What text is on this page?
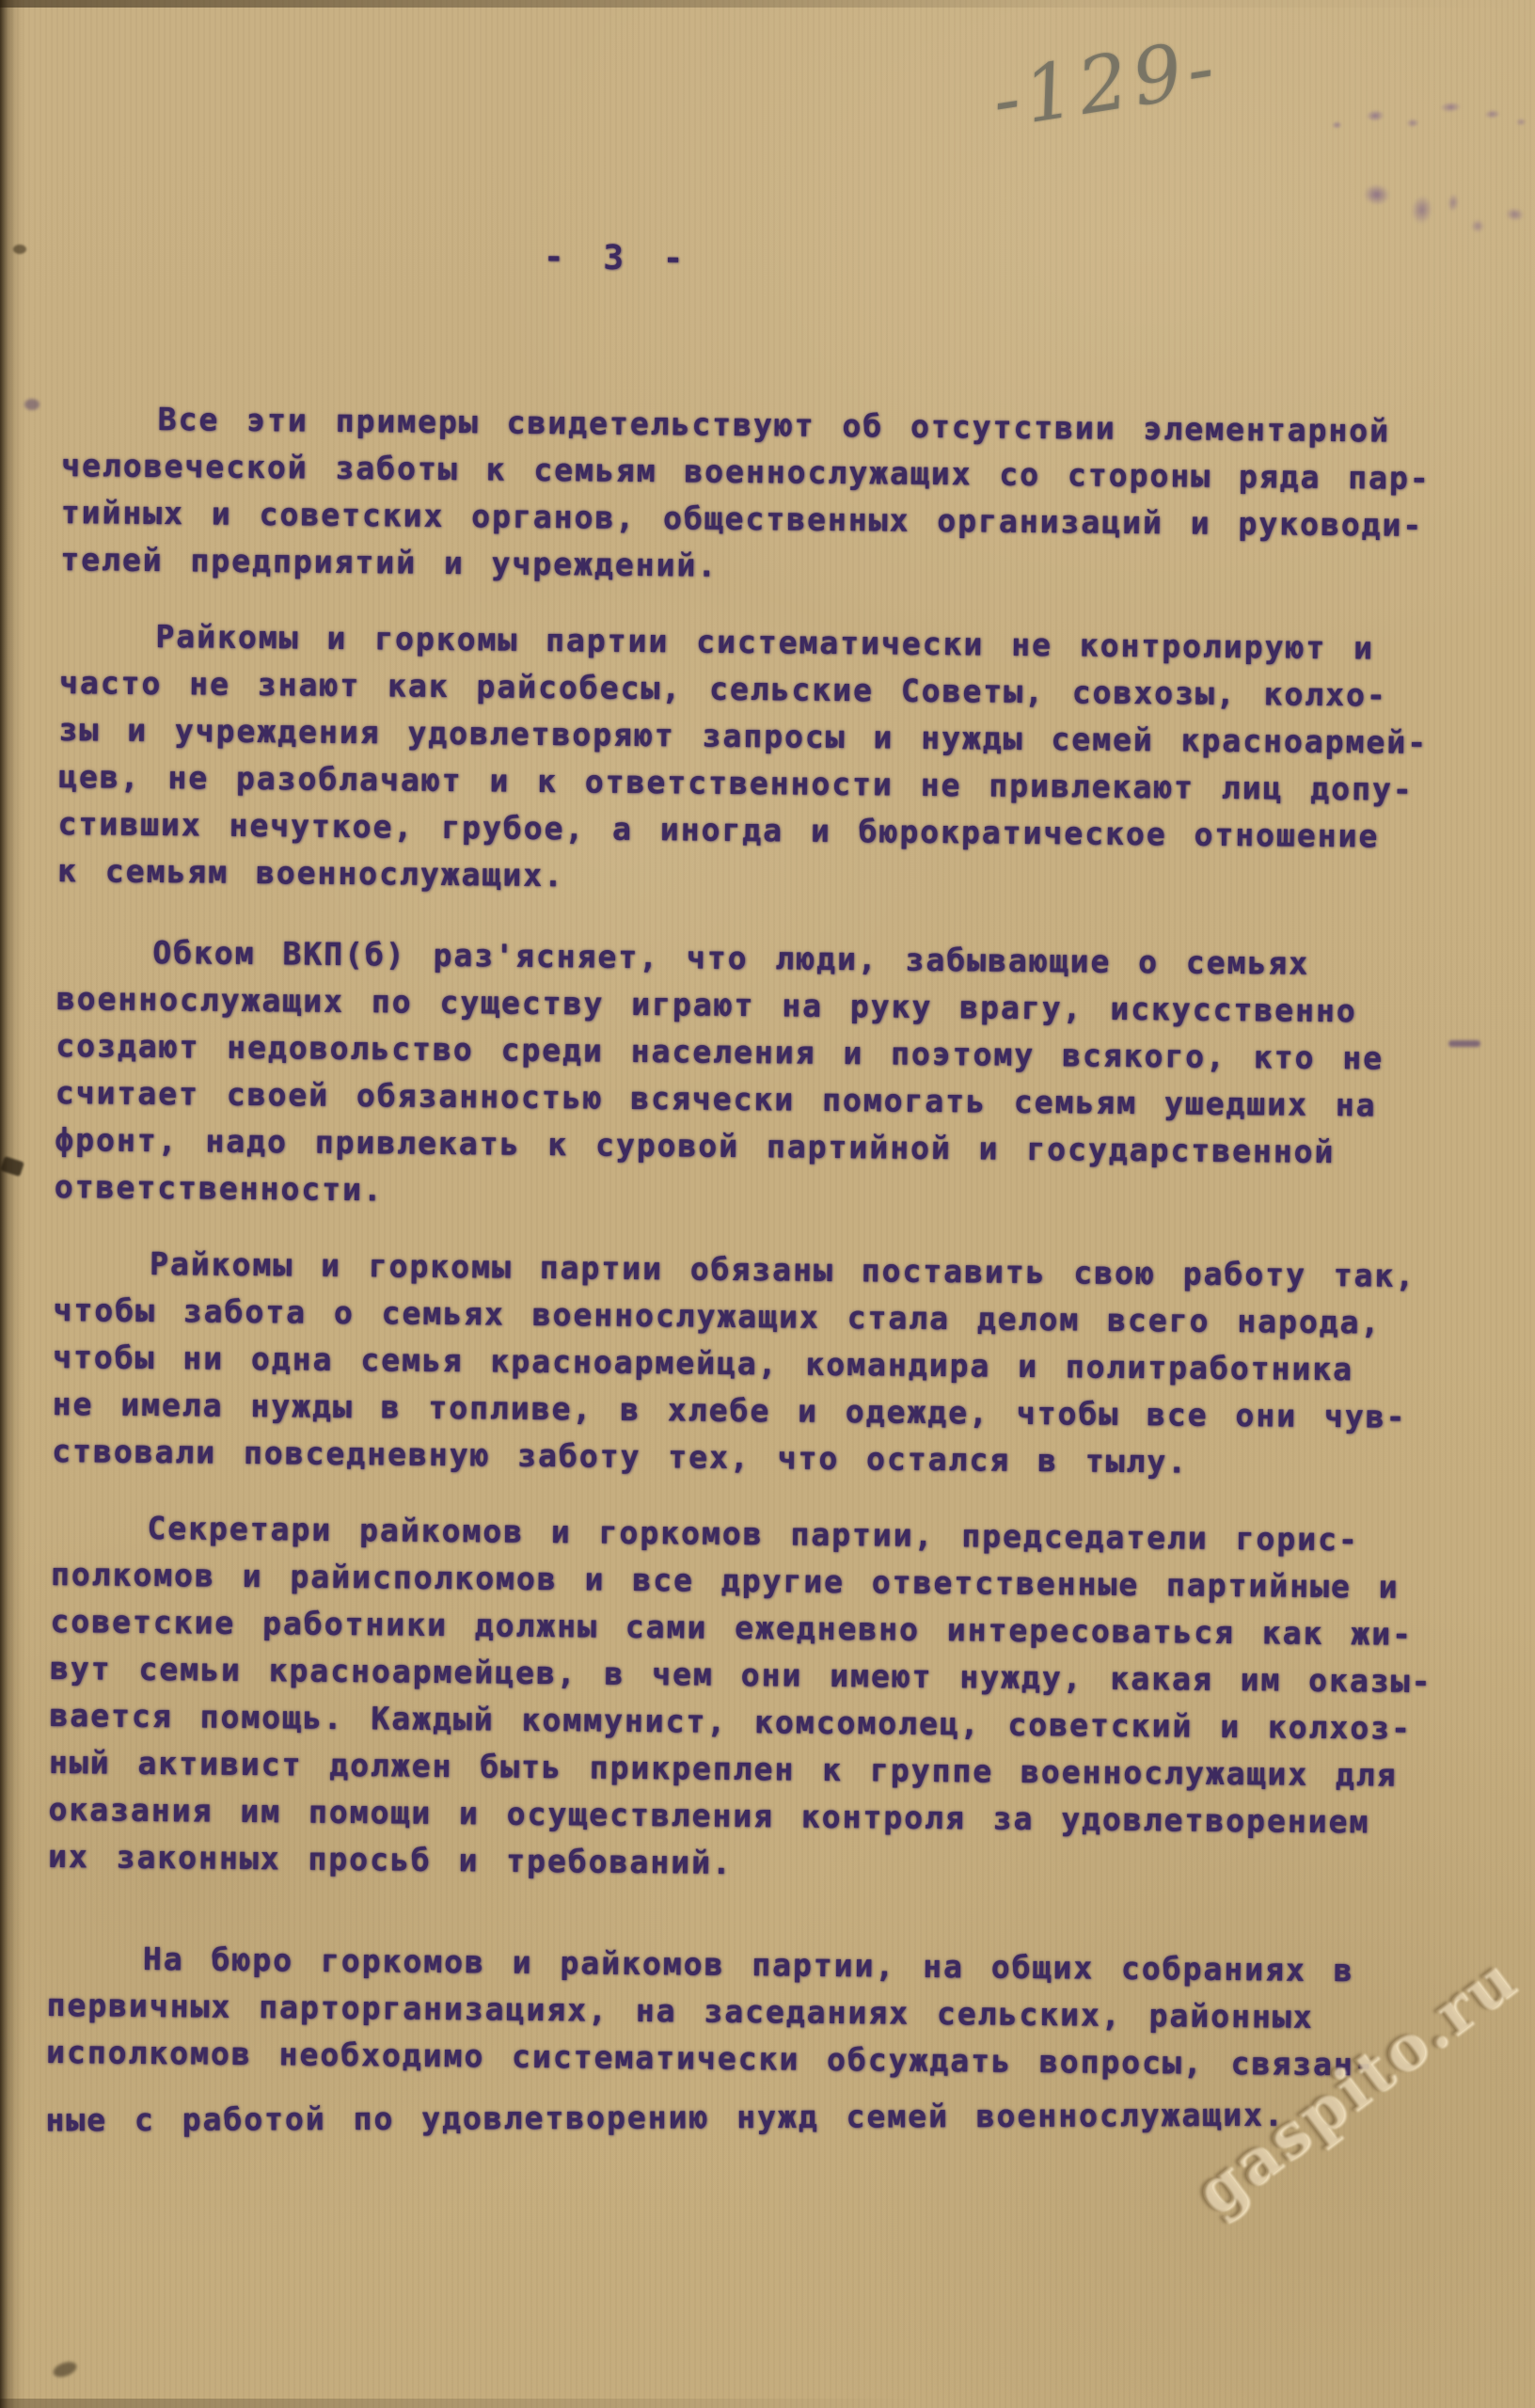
-129-
- 3 -
Все эти примеры свидетельствуют об отсутствии элементарной
человеческой заботы к семьям военнослужащих со стороны ряда пар-
тийных и советских органов, общественных организаций и руководи-
телей предприятий и учреждений.
Райкомы и горкомы партии систематически не контролируют и
часто не знают как райсобесы, сельские Советы, совхозы, колхо-
зы и учреждения удовлетворяют запросы и нужды семей красноармей-
цев, не разоблачают и к ответственности не привлекают лиц допу-
стивших нечуткое, грубое, а иногда и бюрократическое отношение
к семьям военнослужащих.
Обком ВКП(б) раз'ясняет, что люди, забывающие о семьях
военнослужащих по существу играют на руку врагу, искусственно
создают недовольство среди населения и поэтому всякого, кто не
считает своей обязанностью всячески помогать семьям ушедших на
фронт, надо привлекать к суровой партийной и государственной
ответственности.
Райкомы и горкомы партии обязаны поставить свою работу так,
чтобы забота о семьях военнослужащих стала делом всего народа,
чтобы ни одна семья красноармейца, командира и политработника
не имела нужды в топливе, в хлебе и одежде, чтобы все они чув-
ствовали повседневную заботу тех, что остался в тылу.
Секретари райкомов и горкомов партии, председатели горис-
полкомов и райисполкомов и все другие ответственные партийные и
советские работники должны сами ежедневно интересоваться как жи-
вут семьи красноармейцев, в чем они имеют нужду, какая им оказы-
вается помощь. Каждый коммунист, комсомолец, советский и колхоз-
ный активист должен быть прикреплен к группе военнослужащих для
оказания им помощи и осуществления контроля за удовлетворением
их законных просьб и требований.
На бюро горкомов и райкомов партии, на общих собраниях в
первичных парторганизациях, на заседаниях сельских, районных
исполкомов необходимо систематически обсуждать вопросы, связан-
ные с работой по удовлетворению нужд семей военнослужащих.
gaspito.ru
